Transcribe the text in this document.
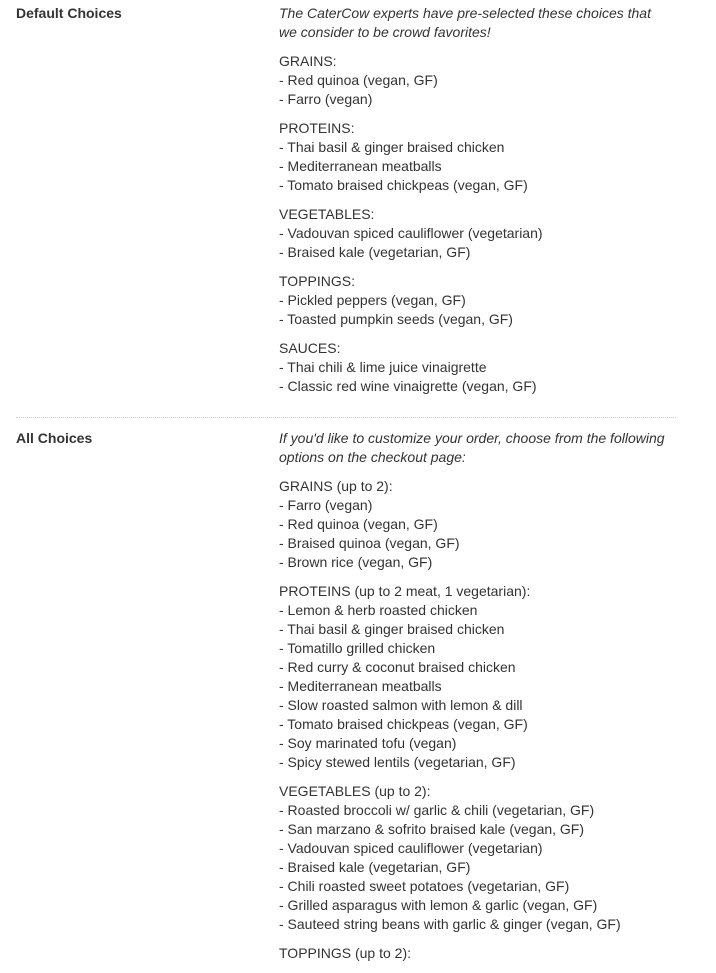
Default Choices	The CaterCow experts have pre-selected these choices that we consider to be crowd favorites!
GRAINS:
- Red quinoa (vegan, GF)
- Farro (vegan)
PROTEINS:
- Thai basil & ginger braised chicken
- Mediterranean meatballs
- Tomato braised chickpeas (vegan, GF)
VEGETABLES:
- Vadouvan spiced cauliflower (vegetarian)
- Braised kale (vegetarian, GF)
TOPPINGS:
- Pickled peppers (vegan, GF)
- Toasted pumpkin seeds (vegan, GF)
SAUCES:
- Thai chili & lime juice vinaigrette
- Classic red wine vinaigrette (vegan, GF)
All Choices	If you'd like to customize your order, choose from the following options on the checkout page:
GRAINS (up to 2):
- Farro (vegan)
- Red quinoa (vegan, GF)
- Braised quinoa (vegan, GF)
- Brown rice (vegan, GF)
PROTEINS (up to 2 meat, 1 vegetarian):
- Lemon & herb roasted chicken
- Thai basil & ginger braised chicken
- Tomatillo grilled chicken
- Red curry & coconut braised chicken
- Mediterranean meatballs
- Slow roasted salmon with lemon & dill
- Tomato braised chickpeas (vegan, GF)
- Soy marinated tofu (vegan)
- Spicy stewed lentils (vegetarian, GF)
VEGETABLES (up to 2):
- Roasted broccoli w/ garlic & chili (vegetarian, GF)
- San marzano & sofrito braised kale (vegan, GF)
- Vadouvan spiced cauliflower (vegetarian)
- Braised kale (vegetarian, GF)
- Chili roasted sweet potatoes (vegetarian, GF)
- Grilled asparagus with lemon & garlic (vegan, GF)
- Sauteed string beans with garlic & ginger (vegan, GF)
TOPPINGS (up to 2):
